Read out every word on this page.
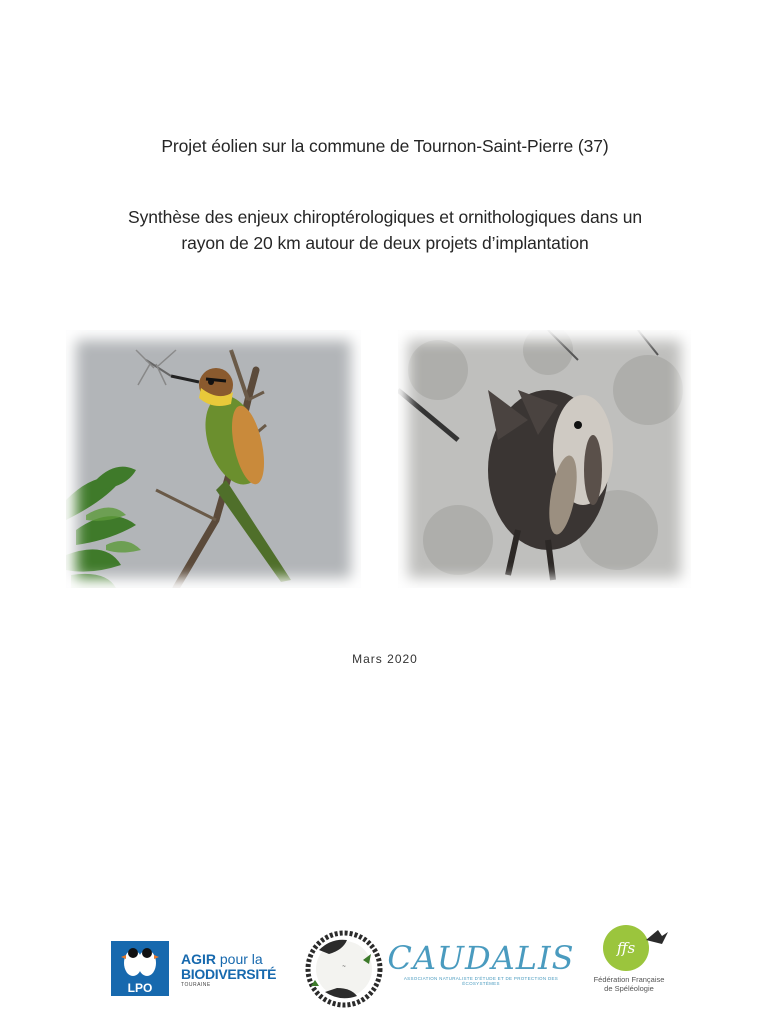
Projet éolien sur la commune de Tournon-Saint-Pierre (37)
Synthèse des enjeux chiroptérologiques et ornithologiques dans un
rayon de 20 km autour de deux projets d’implantation
Mars 2020
LPO
AGIR pour la
BIODIVERSITÉ
TOURAINE
~ CAUDALIS
ASSOCIATION NATURALISTE D'ÉTUDE ET DE PROTECTION DES ÉCOSYSTÈMES
ffs
Fédération Française
de Spéléologie
